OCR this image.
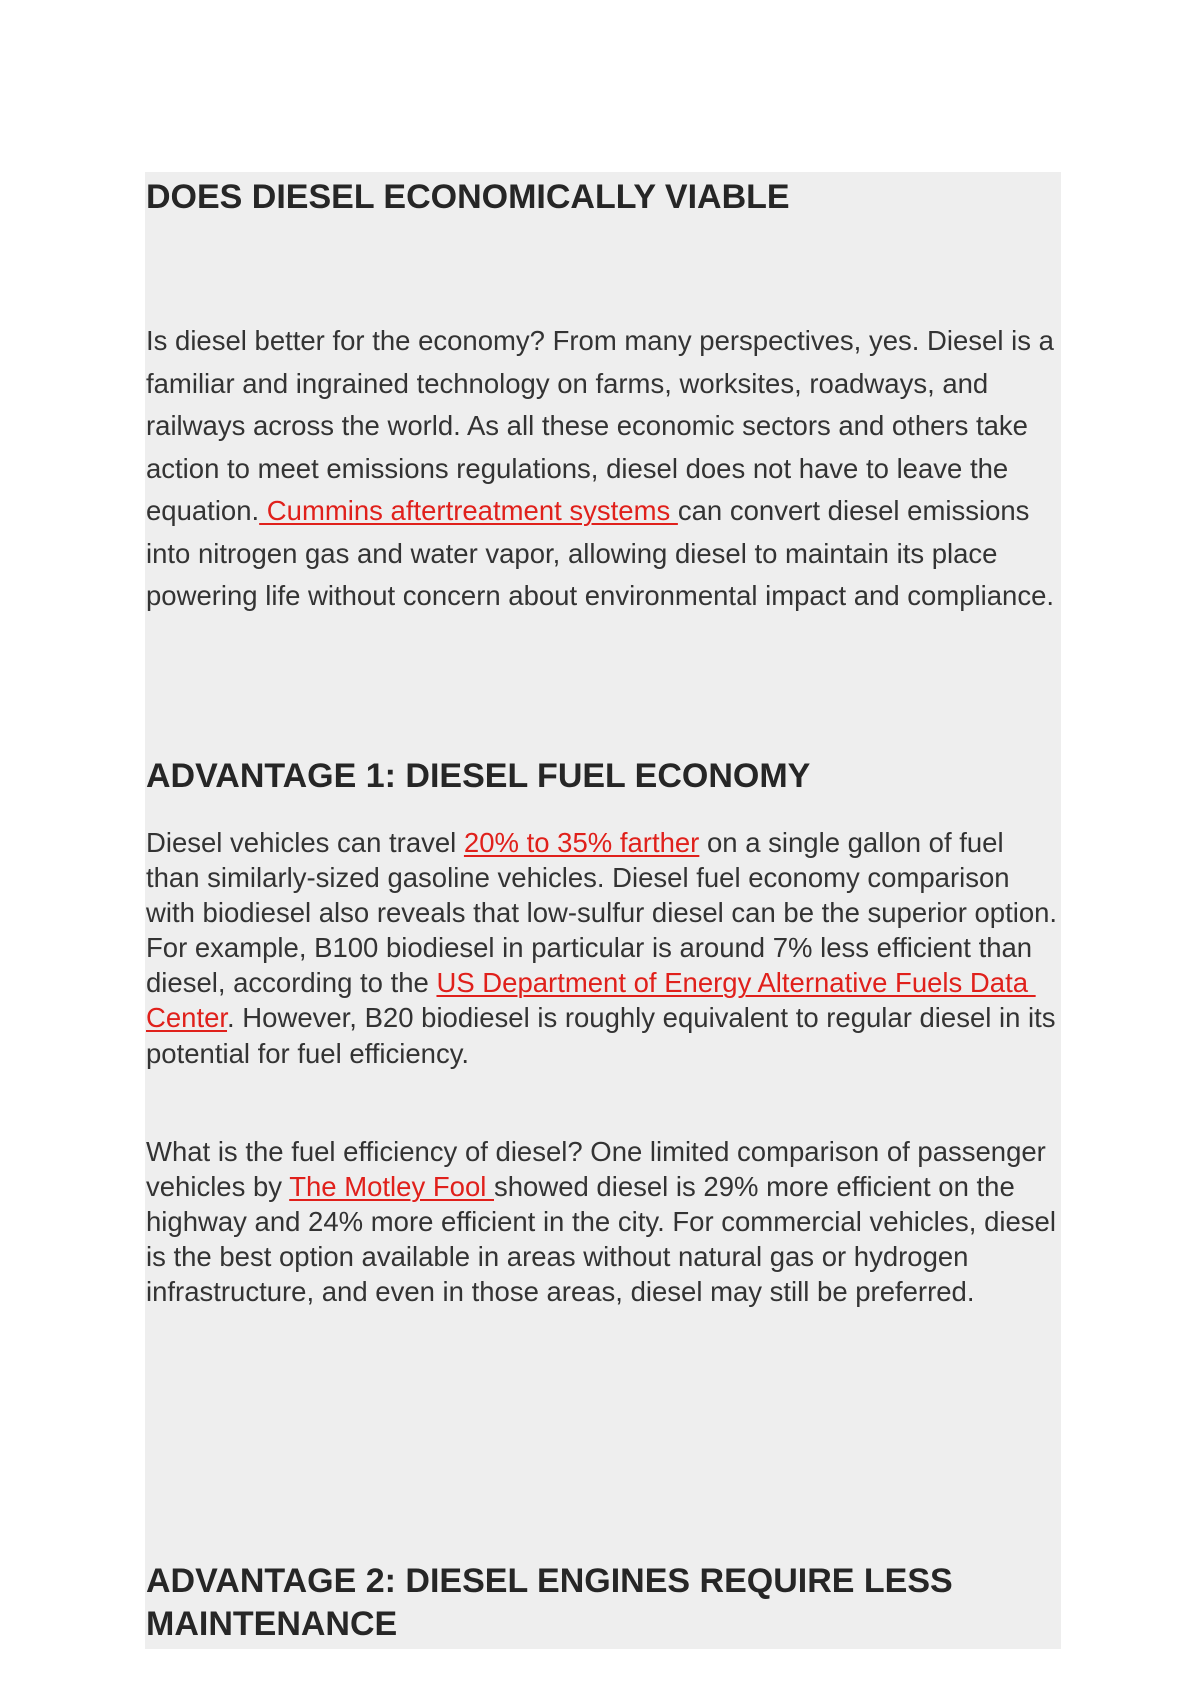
DOES DIESEL ECONOMICALLY VIABLE

Is diesel better for the economy? From many perspectives, yes. Diesel is a familiar and ingrained technology on farms, worksites, roadways, and railways across the world. As all these economic sectors and others take action to meet emissions regulations, diesel does not have to leave the equation. Cummins aftertreatment systems can convert diesel emissions into nitrogen gas and water vapor, allowing diesel to maintain its place powering life without concern about environmental impact and compliance.

ADVANTAGE 1: DIESEL FUEL ECONOMY

Diesel vehicles can travel 20% to 35% farther on a single gallon of fuel than similarly-sized gasoline vehicles. Diesel fuel economy comparison with biodiesel also reveals that low-sulfur diesel can be the superior option. For example, B100 biodiesel in particular is around 7% less efficient than diesel, according to the US Department of Energy Alternative Fuels Data Center. However, B20 biodiesel is roughly equivalent to regular diesel in its potential for fuel efficiency.

What is the fuel efficiency of diesel? One limited comparison of passenger vehicles by The Motley Fool showed diesel is 29% more efficient on the highway and 24% more efficient in the city. For commercial vehicles, diesel is the best option available in areas without natural gas or hydrogen infrastructure, and even in those areas, diesel may still be preferred.

ADVANTAGE 2: DIESEL ENGINES REQUIRE LESS MAINTENANCE
